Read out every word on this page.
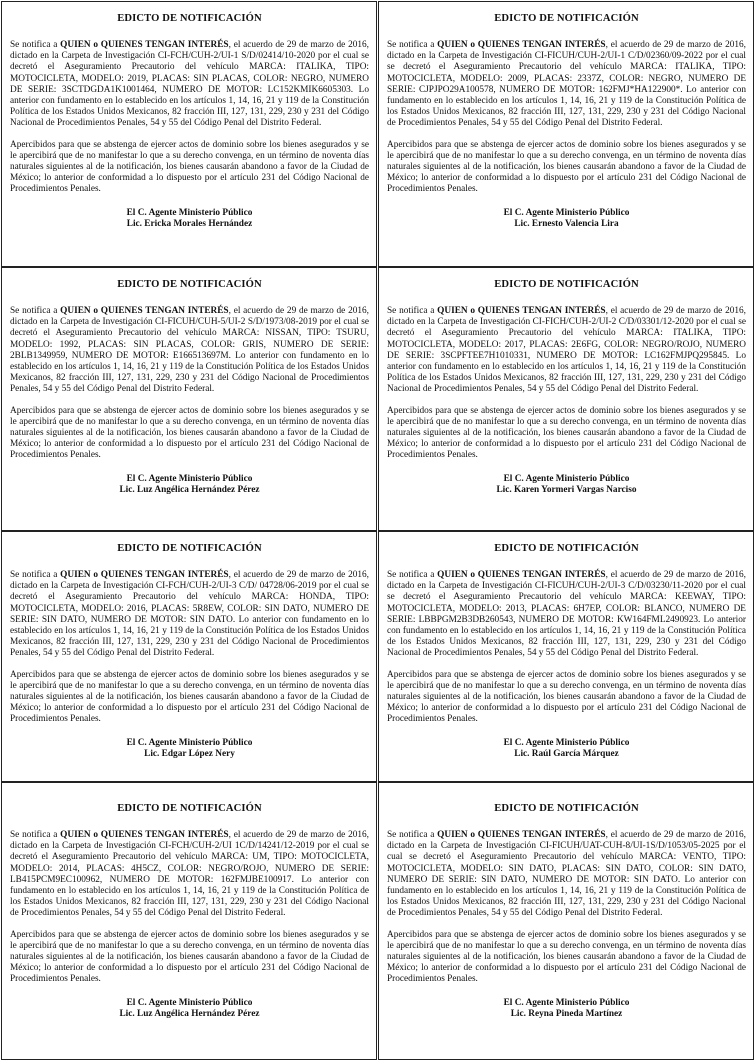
EDICTO DE NOTIFICACIÓN

Se notifica a QUIEN o QUIENES TENGAN INTERÉS, el acuerdo de 29 de marzo de 2016, dictado en la Carpeta de Investigación CI-FCH/CUH-2/UI-1 S/D/02414/10-2020 por el cual se decretó el Aseguramiento Precautorio del vehículo MARCA: ITALIKA, TIPO: MOTOCICLETA, MODELO: 2019, PLACAS: SIN PLACAS, COLOR: NEGRO, NUMERO DE SERIE: 3SCTDGDA1K1001464, NUMERO DE MOTOR: LC152KMIK6605303. Lo anterior con fundamento en lo establecido en los artículos 1, 14, 16, 21 y 119 de la Constitución Política de los Estados Unidos Mexicanos, 82 fracción III, 127, 131, 229, 230 y 231 del Código Nacional de Procedimientos Penales, 54 y 55 del Código Penal del Distrito Federal.

Apercibidos para que se abstenga de ejercer actos de dominio sobre los bienes asegurados y se le apercibirá que de no manifestar lo que a su derecho convenga, en un término de noventa días naturales siguientes al de la notificación, los bienes causarán abandono a favor de la Ciudad de México; lo anterior de conformidad a lo dispuesto por el artículo 231 del Código Nacional de Procedimientos Penales.

El C. Agente Ministerio Público
Lic. Ericka Morales Hernández
EDICTO DE NOTIFICACIÓN

Se notifica a QUIEN o QUIENES TENGAN INTERÉS, el acuerdo de 29 de marzo de 2016, dictado en la Carpeta de Investigación CI-FICUH/CUH-2/UI-1 C/D/02360/09-2022 por el cual se decretó el Aseguramiento Precautorio del vehículo MARCA: ITALIKA, TIPO: MOTOCICLETA, MODELO: 2009, PLACAS: 2337Z, COLOR: NEGRO, NUMERO DE SERIE: CJPJPO29A100578, NUMERO DE MOTOR: 162FMJ*HA122900*. Lo anterior con fundamento en lo establecido en los artículos 1, 14, 16, 21 y 119 de la Constitución Política de los Estados Unidos Mexicanos, 82 fracción III, 127, 131, 229, 230 y 231 del Código Nacional de Procedimientos Penales, 54 y 55 del Código Penal del Distrito Federal.

Apercibidos para que se abstenga de ejercer actos de dominio sobre los bienes asegurados y se le apercibirá que de no manifestar lo que a su derecho convenga, en un término de noventa días naturales siguientes al de la notificación, los bienes causarán abandono a favor de la Ciudad de México; lo anterior de conformidad a lo dispuesto por el artículo 231 del Código Nacional de Procedimientos Penales.

El C. Agente Ministerio Público
Lic. Ernesto Valencia Lira
EDICTO DE NOTIFICACIÓN

Se notifica a QUIEN o QUIENES TENGAN INTERÉS, el acuerdo de 29 de marzo de 2016, dictado en la Carpeta de Investigación CI-FICUH/CUH-5/UI-2 S/D/1973/08-2019 por el cual se decretó el Aseguramiento Precautorio del vehículo MARCA: NISSAN, TIPO: TSURU, MODELO: 1992, PLACAS: SIN PLACAS, COLOR: GRIS, NUMERO DE SERIE: 2BLB1349959, NUMERO DE MOTOR: E166513697M. Lo anterior con fundamento en lo establecido en los artículos 1, 14, 16, 21 y 119 de la Constitución Política de los Estados Unidos Mexicanos, 82 fracción III, 127, 131, 229, 230 y 231 del Código Nacional de Procedimientos Penales, 54 y 55 del Código Penal del Distrito Federal.

Apercibidos para que se abstenga de ejercer actos de dominio sobre los bienes asegurados y se le apercibirá que de no manifestar lo que a su derecho convenga, en un término de noventa días naturales siguientes al de la notificación, los bienes causarán abandono a favor de la Ciudad de México; lo anterior de conformidad a lo dispuesto por el artículo 231 del Código Nacional de Procedimientos Penales.

El C. Agente Ministerio Público
Lic. Luz Angélica Hernández Pérez
EDICTO DE NOTIFICACIÓN

Se notifica a QUIEN o QUIENES TENGAN INTERÉS, el acuerdo de 29 de marzo de 2016, dictado en la Carpeta de Investigación CI-FICH/CUH-2/UI-2 C/D/03301/12-2020 por el cual se decretó el Aseguramiento Precautorio del vehículo MARCA: ITALIKA, TIPO: MOTOCICLETA, MODELO: 2017, PLACAS: 2E6FG, COLOR: NEGRO/ROJO, NUMERO DE SERIE: 3SCPFTEE7H1010331, NUMERO DE MOTOR: LC162FMJPQ295845. Lo anterior con fundamento en lo establecido en los artículos 1, 14, 16, 21 y 119 de la Constitución Política de los Estados Unidos Mexicanos, 82 fracción III, 127, 131, 229, 230 y 231 del Código Nacional de Procedimientos Penales, 54 y 55 del Código Penal del Distrito Federal.

Apercibidos para que se abstenga de ejercer actos de dominio sobre los bienes asegurados y se le apercibirá que de no manifestar lo que a su derecho convenga, en un término de noventa días naturales siguientes al de la notificación, los bienes causarán abandono a favor de la Ciudad de México; lo anterior de conformidad a lo dispuesto por el artículo 231 del Código Nacional de Procedimientos Penales.

El C. Agente Ministerio Público
Lic. Karen Yormeri Vargas Narciso
EDICTO DE NOTIFICACIÓN

Se notifica a QUIEN o QUIENES TENGAN INTERÉS, el acuerdo de 29 de marzo de 2016, dictado en la Carpeta de Investigación CI-FCH/CUH-2/UI-3 C/D/ 04728/06-2019 por el cual se decretó el Aseguramiento Precautorio del vehículo MARCA: HONDA, TIPO: MOTOCICLETA, MODELO: 2016, PLACAS: 5R8EW, COLOR: SIN DATO, NUMERO DE SERIE: SIN DATO, NUMERO DE MOTOR: SIN DATO. Lo anterior con fundamento en lo establecido en los artículos 1, 14, 16, 21 y 119 de la Constitución Política de los Estados Unidos Mexicanos, 82 fracción III, 127, 131, 229, 230 y 231 del Código Nacional de Procedimientos Penales, 54 y 55 del Código Penal del Distrito Federal.

Apercibidos para que se abstenga de ejercer actos de dominio sobre los bienes asegurados y se le apercibirá que de no manifestar lo que a su derecho convenga, en un término de noventa días naturales siguientes al de la notificación, los bienes causarán abandono a favor de la Ciudad de México; lo anterior de conformidad a lo dispuesto por el artículo 231 del Código Nacional de Procedimientos Penales.

El C. Agente Ministerio Público
Lic. Edgar López Nery
EDICTO DE NOTIFICACIÓN

Se notifica a QUIEN o QUIENES TENGAN INTERÉS, el acuerdo de 29 de marzo de 2016, dictado en la Carpeta de Investigación CI-FICUH/CUH-2/UI-3 C/D/03230/11-2020 por el cual se decretó el Aseguramiento Precautorio del vehículo MARCA: KEEWAY, TIPO: MOTOCICLETA, MODELO: 2013, PLACAS: 6H7EP, COLOR: BLANCO, NUMERO DE SERIE: LBBPGM2B3DB260543, NUMERO DE MOTOR: KW164FML2490923. Lo anterior con fundamento en lo establecido en los artículos 1, 14, 16, 21 y 119 de la Constitución Política de los Estados Unidos Mexicanos, 82 fracción III, 127, 131, 229, 230 y 231 del Código Nacional de Procedimientos Penales, 54 y 55 del Código Penal del Distrito Federal.

Apercibidos para que se abstenga de ejercer actos de dominio sobre los bienes asegurados y se le apercibirá que de no manifestar lo que a su derecho convenga, en un término de noventa días naturales siguientes al de la notificación, los bienes causarán abandono a favor de la Ciudad de México; lo anterior de conformidad a lo dispuesto por el artículo 231 del Código Nacional de Procedimientos Penales.

El C. Agente Ministerio Público
Lic. Raúl García Márquez
EDICTO DE NOTIFICACIÓN

Se notifica a QUIEN o QUIENES TENGAN INTERÉS, el acuerdo de 29 de marzo de 2016, dictado en la Carpeta de Investigación CI-FCH/CUH-2/UI 1C/D/14241/12-2019 por el cual se decretó el Aseguramiento Precautorio del vehículo MARCA: UM, TIPO: MOTOCICLETA, MODELO: 2014, PLACAS: 4H5CZ, COLOR: NEGRO/ROJO, NUMERO DE SERIE: LB415PCM9EC100962, NUMERO DE MOTOR: 162FMJBE100917. Lo anterior con fundamento en lo establecido en los artículos 1, 14, 16, 21 y 119 de la Constitución Política de los Estados Unidos Mexicanos, 82 fracción III, 127, 131, 229, 230 y 231 del Código Nacional de Procedimientos Penales, 54 y 55 del Código Penal del Distrito Federal.

Apercibidos para que se abstenga de ejercer actos de dominio sobre los bienes asegurados y se le apercibirá que de no manifestar lo que a su derecho convenga, en un término de noventa días naturales siguientes al de la notificación, los bienes causarán abandono a favor de la Ciudad de México; lo anterior de conformidad a lo dispuesto por el artículo 231 del Código Nacional de Procedimientos Penales.

El C. Agente Ministerio Público
Lic. Luz Angélica Hernández Pérez
EDICTO DE NOTIFICACIÓN

Se notifica a QUIEN o QUIENES TENGAN INTERÉS, el acuerdo de 29 de marzo de 2016, dictado en la Carpeta de Investigación CI-FICUH/UAT-CUH-8/UI-1S/D/1053/05-2025 por el cual se decretó el Aseguramiento Precautorio del vehículo MARCA: VENTO, TIPO: MOTOCICLETA, MODELO: SIN DATO, PLACAS: SIN DATO, COLOR: SIN DATO, NUMERO DE SERIE: SIN DATO, NUMERO DE MOTOR: SIN DATO. Lo anterior con fundamento en lo establecido en los artículos 1, 14, 16, 21 y 119 de la Constitución Política de los Estados Unidos Mexicanos, 82 fracción III, 127, 131, 229, 230 y 231 del Código Nacional de Procedimientos Penales, 54 y 55 del Código Penal del Distrito Federal.

Apercibidos para que se abstenga de ejercer actos de dominio sobre los bienes asegurados y se le apercibirá que de no manifestar lo que a su derecho convenga, en un término de noventa días naturales siguientes al de la notificación, los bienes causarán abandono a favor de la Ciudad de México; lo anterior de conformidad a lo dispuesto por el artículo 231 del Código Nacional de Procedimientos Penales.

El C. Agente Ministerio Público
Lic. Reyna Pineda Martínez
